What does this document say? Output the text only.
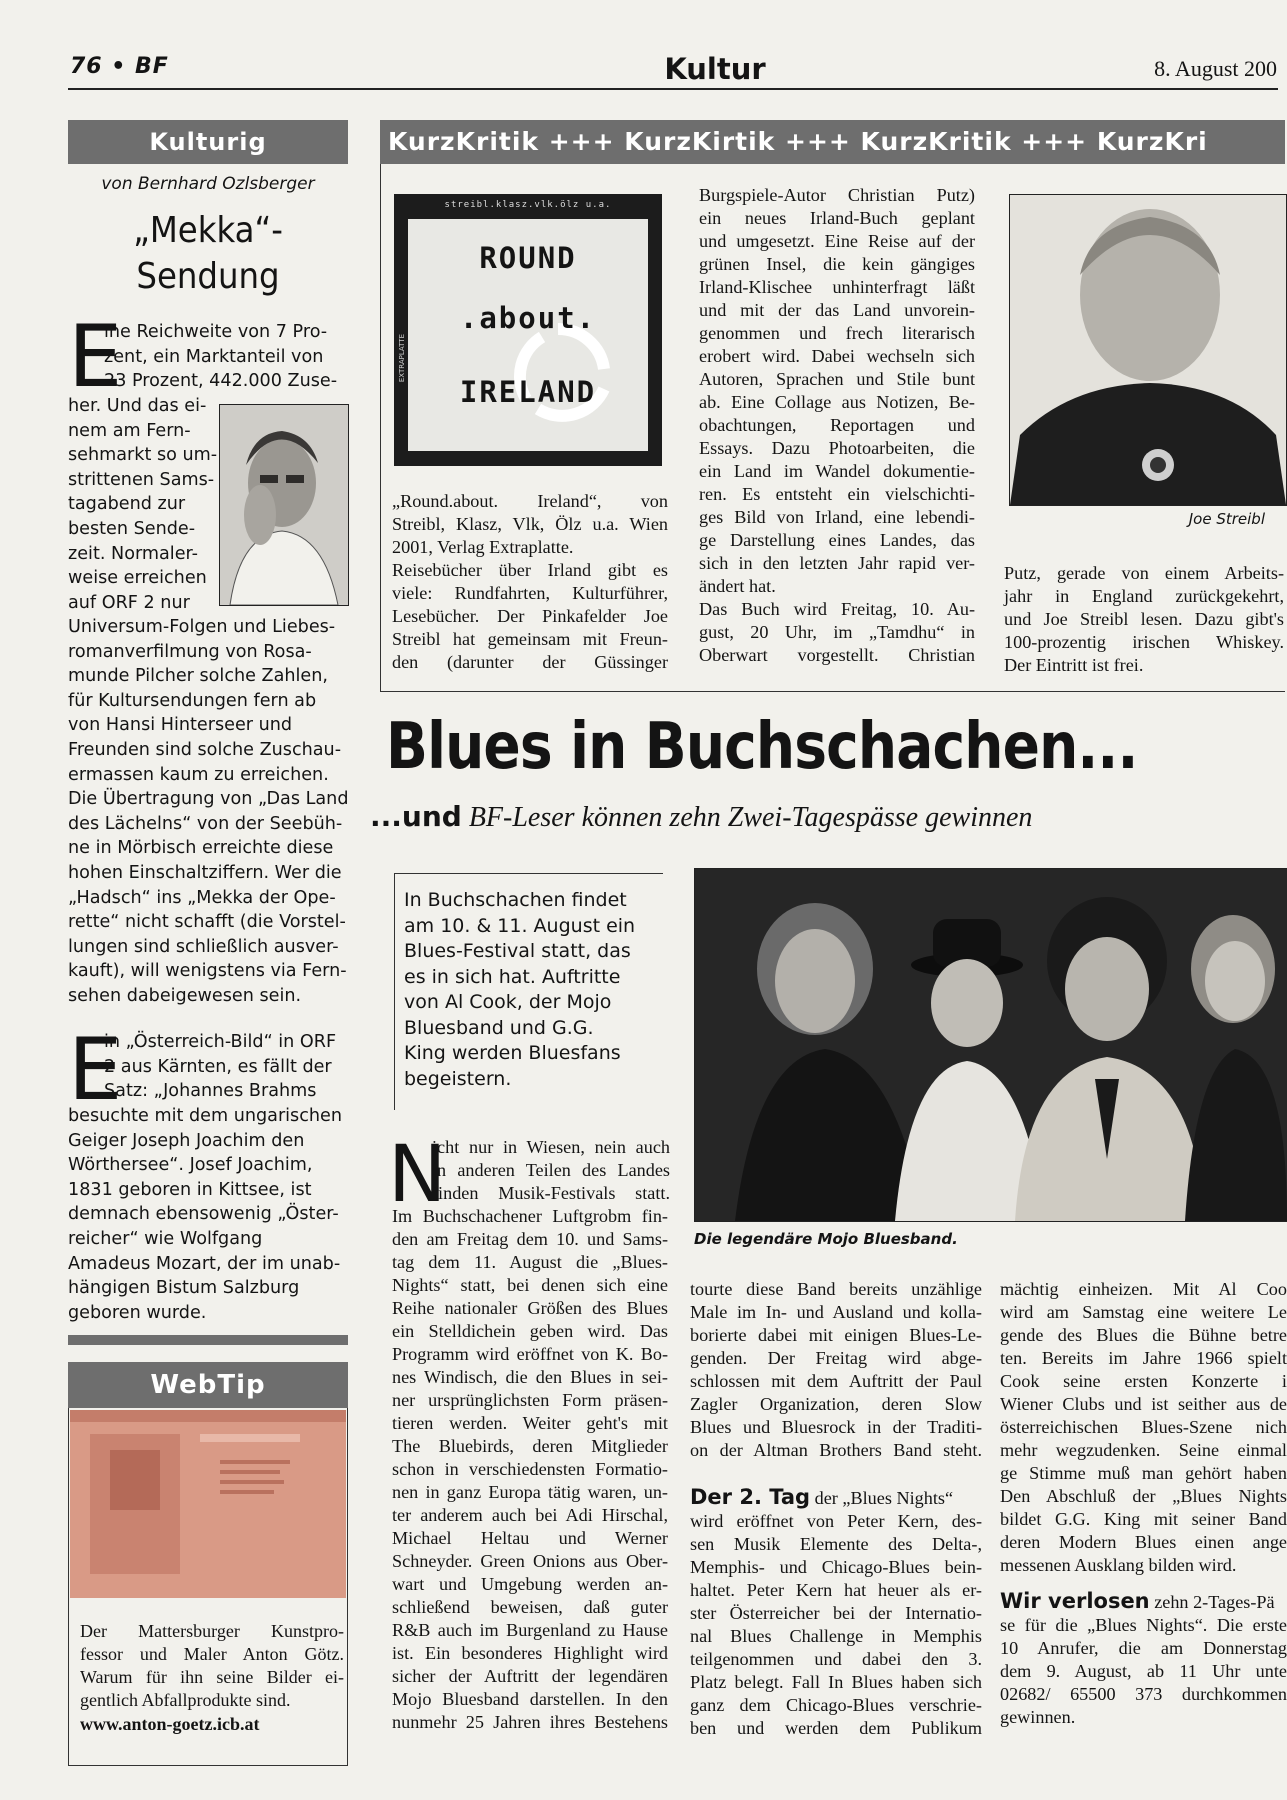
76 • BF	Kultur	8. August 200
Kulturig
von Bernhard Ozlsberger
„Mekka“-
Sendung
E
ine Reichweite von 7 Pro-
zent, ein Marktanteil von
23 Prozent, 442.000 Zuse-
her. Und das ei-
nem am Fern-
sehmarkt so um-
strittenen Sams-
tagabend zur
besten Sende-
zeit. Normaler-
weise erreichen
auf ORF 2 nur
Universum-Folgen und Liebes-
romanverfilmung von Rosa-
munde Pilcher solche Zahlen,
für Kultursendungen fern ab
von Hansi Hinterseer und
Freunden sind solche Zuschau-
ermassen kaum zu erreichen.
Die Übertragung von „Das Land
des Lächelns“ von der Seebüh-
ne in Mörbisch erreichte diese
hohen Einschaltziffern. Wer die
„Hadsch“ ins „Mekka der Ope-
rette“ nicht schafft (die Vorstel-
lungen sind schließlich ausver-
kauft), will wenigstens via Fern-
sehen dabeigewesen sein.
E
in „Österreich-Bild“ in ORF
2 aus Kärnten, es fällt der
Satz: „Johannes Brahms
besuchte mit dem ungarischen
Geiger Joseph Joachim den
Wörthersee“. Josef Joachim,
1831 geboren in Kittsee, ist
demnach ebensowenig „Öster-
reicher“ wie Wolfgang
Amadeus Mozart, der im unab-
hängigen Bistum Salzburg
geboren wurde.
KurzKritik +++ KurzKirtik +++ KurzKritik +++ KurzKri
streibl.klasz.vlk.ölz u.a.
ROUND
.about.
IRELAND
EXTRAPLATTE
„Round.about. Ireland“, von
Streibl, Klasz, Vlk, Ölz u.a. Wien
2001, Verlag Extraplatte.
Reisebücher über Irland gibt es
viele: Rundfahrten, Kulturführer,
Lesebücher. Der Pinkafelder Joe
Streibl hat gemeinsam mit Freun-
den (darunter der Güssinger
Burgspiele-Autor Christian Putz)
ein neues Irland-Buch geplant
und umgesetzt. Eine Reise auf der
grünen Insel, die kein gängiges
Irland-Klischee unhinterfragt läßt
und mit der das Land unvorein-
genommen und frech literarisch
erobert wird. Dabei wechseln sich
Autoren, Sprachen und Stile bunt
ab. Eine Collage aus Notizen, Be-
obachtungen, Reportagen und
Essays. Dazu Photoarbeiten, die
ein Land im Wandel dokumentie-
ren. Es entsteht ein vielschichti-
ges Bild von Irland, eine lebendi-
ge Darstellung eines Landes, das
sich in den letzten Jahr rapid ver-
ändert hat.
Das Buch wird Freitag, 10. Au-
gust, 20 Uhr, im „Tamdhu“ in
Oberwart vorgestellt. Christian
Joe Streibl
Putz, gerade von einem Arbeits-
jahr in England zurückgekehrt,
und Joe Streibl lesen. Dazu gibt's
100-prozentig irischen Whiskey.
Der Eintritt ist frei.
Blues in Buchschachen...
...und BF-Leser können zehn Zwei-Tagespässe gewinnen
In Buchschachen findet
am 10. & 11. August ein
Blues-Festival statt, das
es in sich hat. Auftritte
von Al Cook, der Mojo
Bluesband und G.G.
King werden Bluesfans
begeistern.
Die legendäre Mojo Bluesband.
N
icht nur in Wiesen, nein auch
in anderen Teilen des Landes
finden Musik-Festivals statt.
Im Buchschachener Luftgrobm fin-
den am Freitag dem 10. und Sams-
tag dem 11. August die „Blues-
Nights“ statt, bei denen sich eine
Reihe nationaler Größen des Blues
ein Stelldichein geben wird. Das
Programm wird eröffnet von K. Bo-
nes Windisch, die den Blues in sei-
ner ursprünglichsten Form präsen-
tieren werden. Weiter geht's mit
The Bluebirds, deren Mitglieder
schon in verschiedensten Formatio-
nen in ganz Europa tätig waren, un-
ter anderem auch bei Adi Hirschal,
Michael Heltau und Werner
Schneyder. Green Onions aus Ober-
wart und Umgebung werden an-
schließend beweisen, daß guter
R&B auch im Burgenland zu Hause
ist. Ein besonderes Highlight wird
sicher der Auftritt der legendären
Mojo Bluesband darstellen. In den
nunmehr 25 Jahren ihres Bestehens
tourte diese Band bereits unzählige
Male im In- und Ausland und kolla-
borierte dabei mit einigen Blues-Le-
genden. Der Freitag wird abge-
schlossen mit dem Auftritt der Paul
Zagler Organization, deren Slow
Blues und Bluesrock in der Traditi-
on der Altman Brothers Band steht.
Der 2. Tag der „Blues Nights“
wird eröffnet von Peter Kern, des-
sen Musik Elemente des Delta-,
Memphis- und Chicago-Blues bein-
haltet. Peter Kern hat heuer als er-
ster Österreicher bei der Internatio-
nal Blues Challenge in Memphis
teilgenommen und dabei den 3.
Platz belegt. Fall In Blues haben sich
ganz dem Chicago-Blues verschrie-
ben und werden dem Publikum
mächtig einheizen. Mit Al Coo
wird am Samstag eine weitere Le
gende des Blues die Bühne betre
ten. Bereits im Jahre 1966 spielt
Cook seine ersten Konzerte i
Wiener Clubs und ist seither aus de
österreichischen Blues-Szene nich
mehr wegzudenken. Seine einmal
ge Stimme muß man gehört haben
Den Abschluß der „Blues Nights
bildet G.G. King mit seiner Band
deren Modern Blues einen ange
messenen Ausklang bilden wird.
Wir verlosen zehn 2-Tages-Pä
se für die „Blues Nights“. Die erste
10 Anrufer, die am Donnerstag
dem 9. August, ab 11 Uhr unte
02682/ 65500 373 durchkommen
gewinnen.
WebTip
Der Mattersburger Kunstpro-
fessor und Maler Anton Götz.
Warum für ihn seine Bilder ei-
gentlich Abfallprodukte sind.
www.anton-goetz.icb.at
